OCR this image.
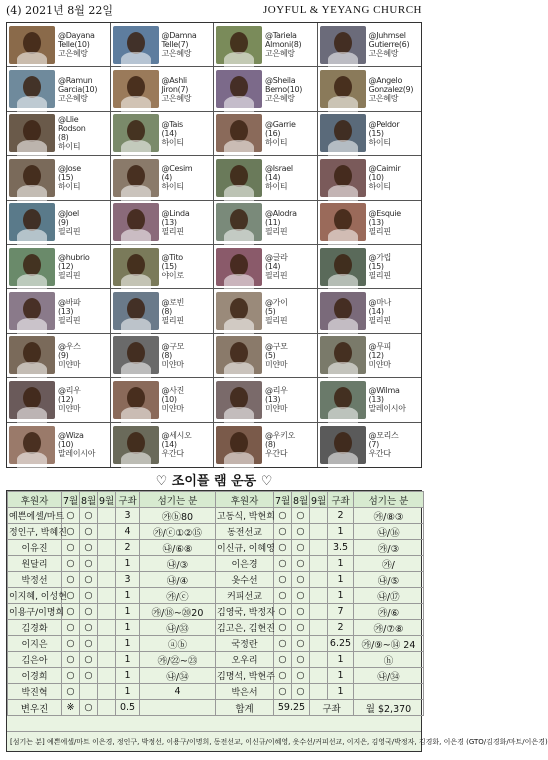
(4) 2021년 8월 22일	JOYFUL & YEYANG CHURCH
@Dayana
Telle(10)
고은혜랑
@Damna
Telle(7)
고은혜랑
@Tariela
Almoni(8)
고은혜랑
@Juhmsel
Gutierre(6)
고은혜랑
@Ramun
Garcia(10)
고은혜랑
@Ashli
Jiron(7)
고은혜랑
@Sheila
Bemo(10)
고은혜랑
@Angelo
Gonzalez(9)
고은혜랑
@Llie
Rodson
(8)
하이티
@Tais
(14)
하이티
@Garrie
(16)
하이티
@Peldor
(15)
하이티
@Jose
(15)
하이티
@Cesim
(4)
하이티
@Israel
(14)
하이티
@Caimir
(10)
하이티
@Joel
(9)
필리핀
@Linda
(13)
필리핀
@Alodra
(11)
필리핀
@Esquie
(13)
필리핀
@hubrio
(12)
필리핀
@Tito
(15)
야이로
@글라
(14)
필리핀
@가립
(15)
필리핀
@바파
(13)
필리핀
@로빈
(8)
필리핀
@가이
(5)
필리핀
@마나
(14)
필리핀
@우스
(9)
미얀마
@구모
(8)
미얀마
@구모
(5)
미얀마
@무피
(12)
미얀마
@리우
(12)
미얀마
@사진
(10)
미얀마
@리우
(13)
미얀마
@Wilma
(13)
말레이시아
@Wiza
(10)
말레이시아
@세시오
(14)
우간다
@우키오
(8)
우간다
@모리스
(7)
우간다
♡ 조이플 램 운동 ♡
후원자	7월	8월	9월	구좌	섬기는 분	후원자	7월	8월	9월	구좌	섬기는 분
예쁜에셀/마트	○	○		3	㉮ⓑ80	고동식, 박현희	○	○		2	㉮/⑧③
정인구, 박혜진	○	○		4	㉮/ⓒ①②⑮	동전선교	○	○		1	㉯/⑯
이유진	○	○		2	㉯/⑥⑧	이신규, 이혜영	○	○		3.5	㉮/③
원달리	○	○		1	㉯/③	이은경	○	○		1	㉮/
박정선	○	○		3	㉯/④	옷수선	○	○		1	㉯/⑤
이지혜, 이성현	○	○		1	㉮/ⓒ	커피선교	○	○		1	㉯/⑰
이용구/이명희	○	○		1	㉮/⑱~⑳20	김영국, 박정자	○	○		7	㉮/⑥
김경화	○	○		1	㉯/㉝	김고은, 김현진	○	○		2	㉮/⑦⑧
이지은	○	○		1	ⓐⓑ	국정란	○	○		6.25	㉮/⑨~⑭ 24
김은아	○	○		1	㉮/㉒~㉓	오우리	○	○		1	ⓗ
이경희	○	○		1	㉯/㉞	김명석, 박현주	○	○		1	㉯/㉞
박진혁	○			1	4	박은서	○	○		1	
변우진	※	○		0.5		합계	59.25		구좌		월 $2,370
[섬기는 분] 예쁜에셀/마트 이은경, 정인구, 박정선, 이용구/이명희, 동전선교, 이신규/이혜영, 옷수선/커피선교, 이지은, 김영국/박정자, 김경화, 이은경 (GTO/김경화/마트/이은경)
